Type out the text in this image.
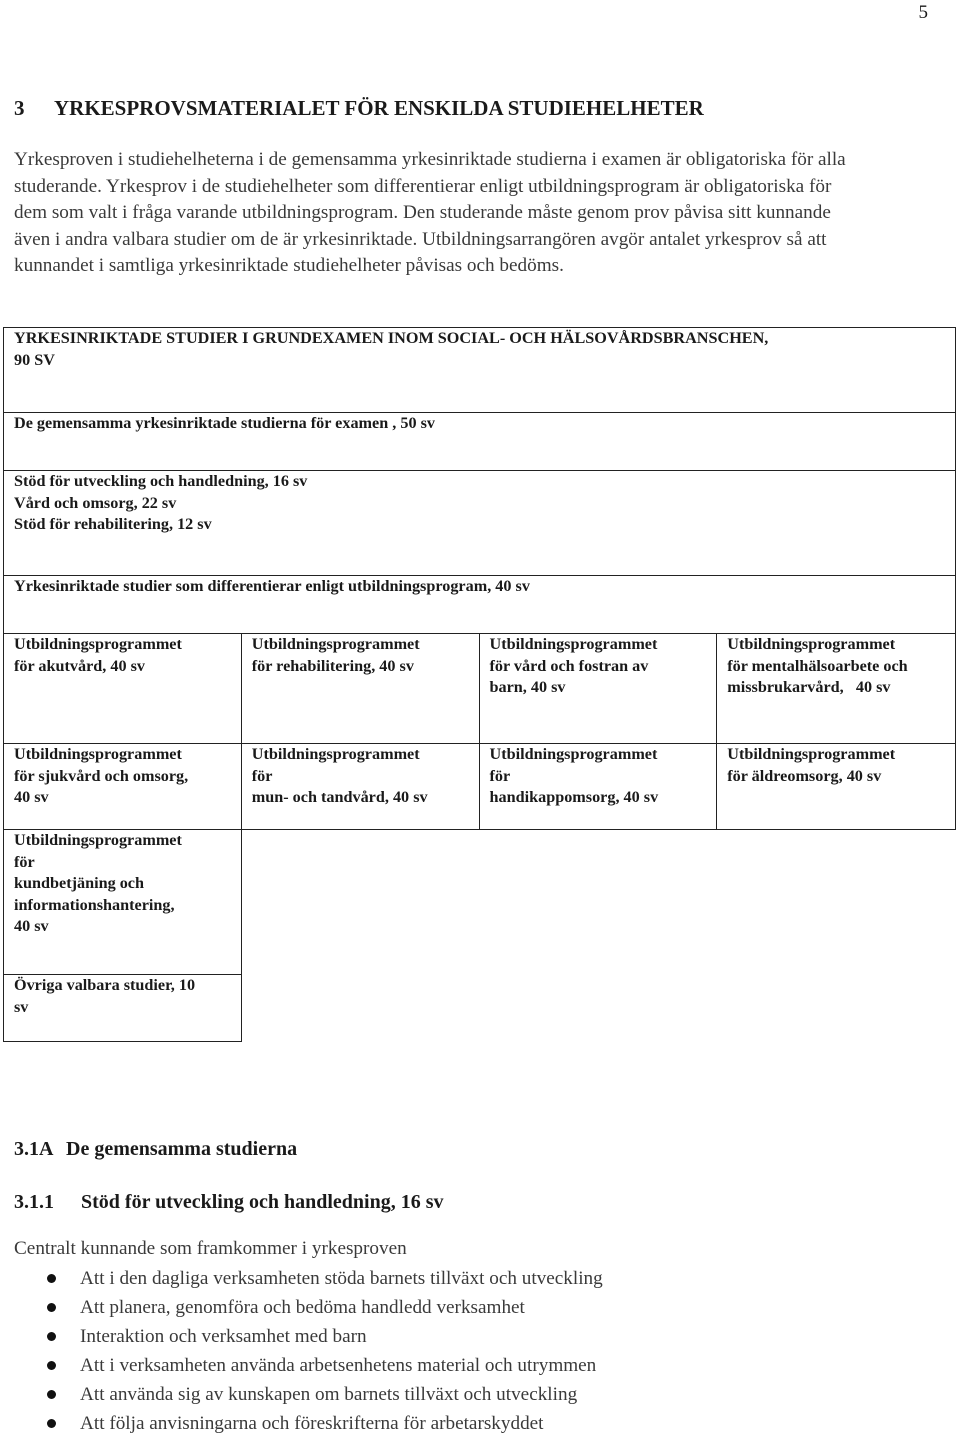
5
3 YRKESPROVSMATERIALET FÖR ENSKILDA STUDIEHELHETER

Yrkesproven i studiehelheterna i de gemensamma yrkesinriktade studierna i examen är obligatoriska för alla
studerande. Yrkesprov i de studiehelheter som differentierar enligt utbildningsprogram är obligatoriska för
dem som valt i fråga varande utbildningsprogram. Den studerande måste genom prov påvisa sitt kunnande
även i andra valbara studier om de är yrkesinriktade. Utbildningsarrangören avgör antalet yrkesprov så att
kunnandet i samtliga yrkesinriktade studiehelheter påvisas och bedöms.

YRKESINRIKTADE STUDIER I GRUNDEXAMEN INOM SOCIAL- OCH HÄLSOVÅRDSBRANSCHEN,
90 SV			

De gemensamma yrkesinriktade studierna för examen , 50 sv			

Stöd för utveckling och handledning, 16 sv
Vård och omsorg, 22 sv
Stöd för rehabilitering, 12 sv			

Yrkesinriktade studier som differentierar enligt utbildningsprogram, 40 sv			

Utbildningsprogrammet
för akutvård, 40 sv	Utbildningsprogrammet
för rehabilitering, 40 sv	Utbildningsprogrammet
för vård och fostran av
barn, 40 sv	Utbildningsprogrammet
för mentalhälsoarbete och
missbrukarvård,   40 sv

Utbildningsprogrammet
för sjukvård och omsorg,
40 sv	Utbildningsprogrammet
för
mun- och tandvård, 40 sv	Utbildningsprogrammet
för
handikappomsorg, 40 sv	Utbildningsprogrammet
för äldreomsorg, 40 sv

Utbildningsprogrammet
för
kundbetjäning och
informationshantering,
40 sv			

Övriga valbara studier, 10
sv			

3.1A De gemensamma studierna
3.1.1 Stöd för utveckling och handledning, 16 sv

Centralt kunnande som framkommer i yrkesproven

Att i den dagliga verksamheten stöda barnets tillväxt och utveckling
Att planera, genomföra och bedöma handledd verksamhet
Interaktion och verksamhet med barn
Att i verksamheten använda arbetsenhetens material och utrymmen
Att använda sig av kunskapen om barnets tillväxt och utveckling
Att följa anvisningarna och föreskrifterna för arbetarskyddet
